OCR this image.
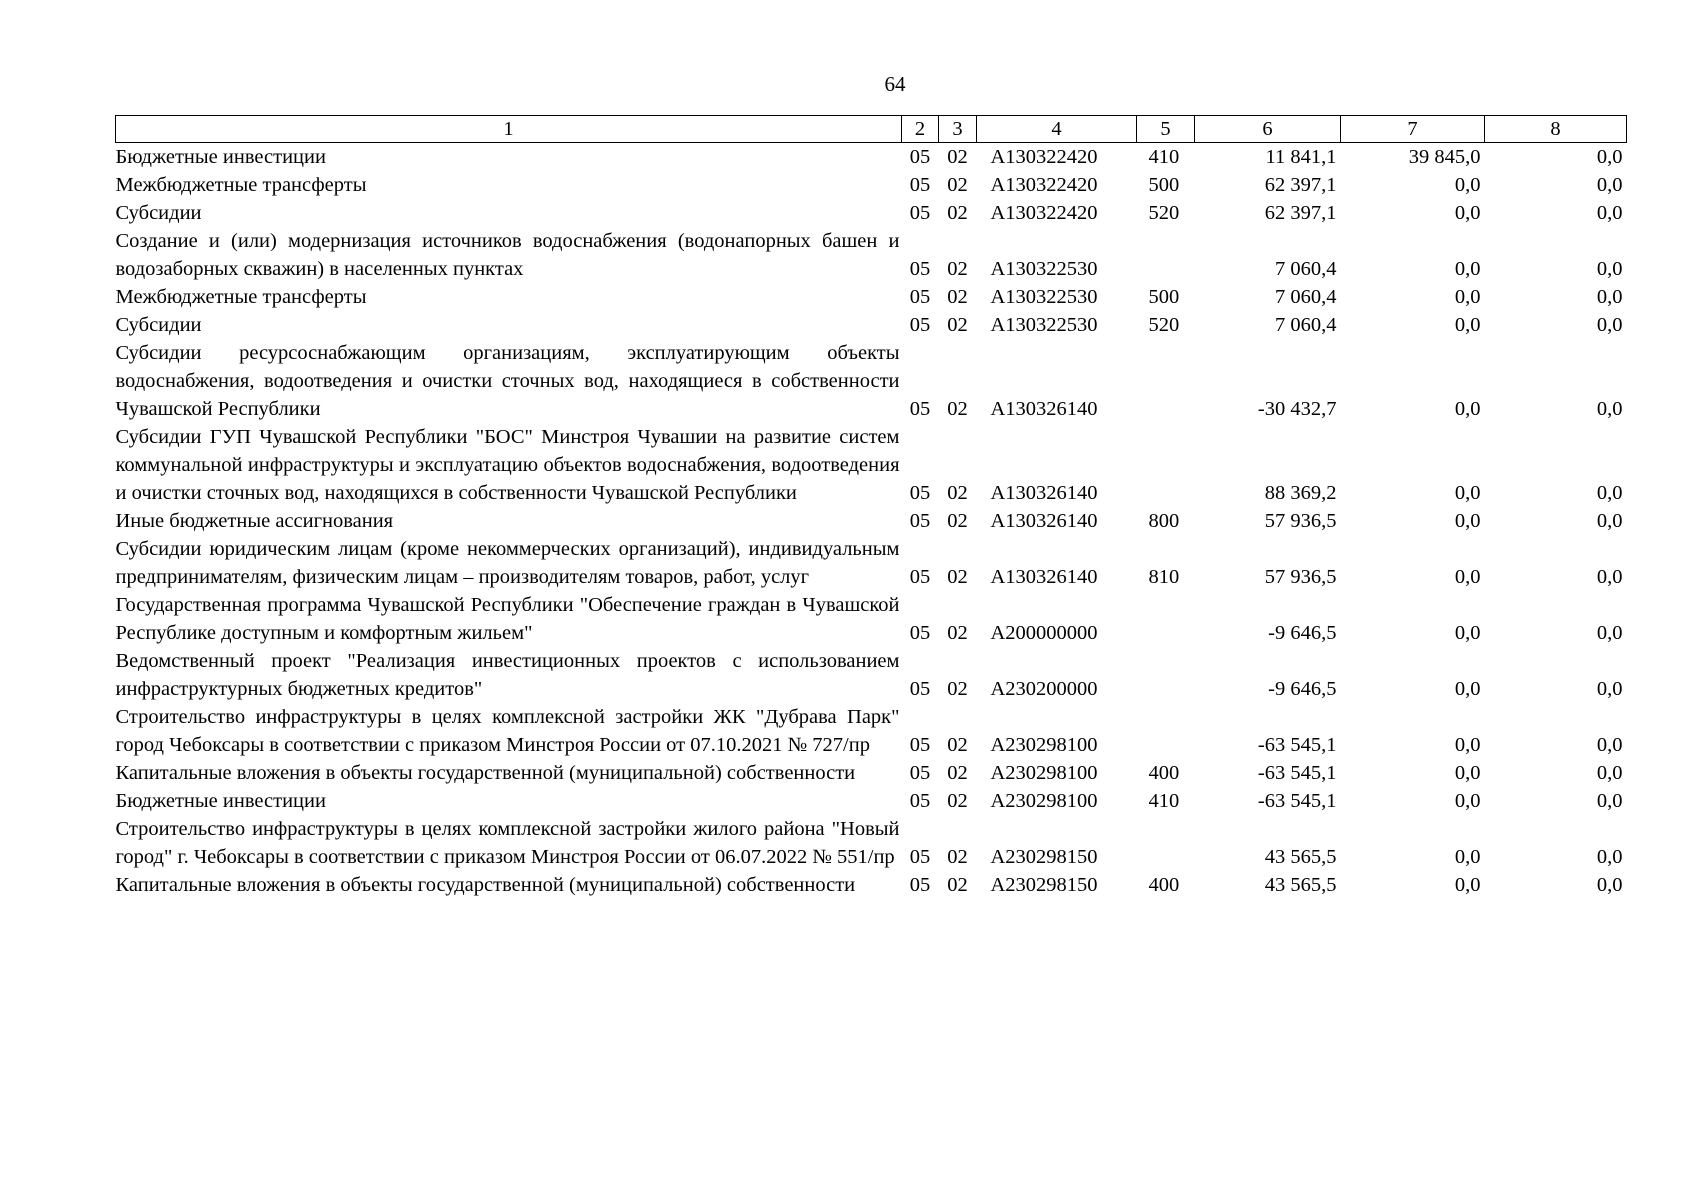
64
1	2	3	4	5	6	7	8
Бюджетные инвестиции	05	02	А130322420	410	11 841,1	39 845,0	0,0
Межбюджетные трансферты	05	02	А130322420	500	62 397,1	0,0	0,0
Субсидии	05	02	А130322420	520	62 397,1	0,0	0,0
Создание и (или) модернизация источников водоснабжения (водонапорных башен и водозаборных скважин) в населенных пунктах	05	02	А130322530		7 060,4	0,0	0,0
Межбюджетные трансферты	05	02	А130322530	500	7 060,4	0,0	0,0
Субсидии	05	02	А130322530	520	7 060,4	0,0	0,0
Субсидии ресурсоснабжающим организациям, эксплуатирующим объекты водоснабжения, водоотведения и очистки сточных вод, находящиеся в собственности Чувашской Республики	05	02	А130326140		-30 432,7	0,0	0,0
Субсидии ГУП Чувашской Республики "БОС" Минстроя Чувашии на развитие систем коммунальной инфраструктуры и эксплуатацию объектов водоснабжения, водоотведения и очистки сточных вод, находящихся в собственности Чувашской Республики	05	02	А130326140		88 369,2	0,0	0,0
Иные бюджетные ассигнования	05	02	А130326140	800	57 936,5	0,0	0,0
Субсидии юридическим лицам (кроме некоммерческих организаций), индивидуальным предпринимателям, физическим лицам – производителям товаров, работ, услуг	05	02	А130326140	810	57 936,5	0,0	0,0
Государственная программа Чувашской Республики "Обеспечение граждан в Чувашской Республике доступным и комфортным жильем"	05	02	А200000000		-9 646,5	0,0	0,0
Ведомственный проект "Реализация инвестиционных проектов с использованием инфраструктурных бюджетных кредитов"	05	02	А230200000		-9 646,5	0,0	0,0
Строительство инфраструктуры в целях комплексной застройки ЖК "Дубрава Парк" город Чебоксары в соответствии с приказом Минстроя России от 07.10.2021 № 727/пр	05	02	А230298100		-63 545,1	0,0	0,0
Капитальные вложения в объекты государственной (муниципальной) собственности	05	02	А230298100	400	-63 545,1	0,0	0,0
Бюджетные инвестиции	05	02	А230298100	410	-63 545,1	0,0	0,0
Строительство инфраструктуры в целях комплексной застройки жилого района "Новый город" г. Чебоксары в соответствии с приказом Минстроя России от 06.07.2022 № 551/пр	05	02	А230298150		43 565,5	0,0	0,0
Капитальные вложения в объекты государственной (муниципальной) собственности	05	02	А230298150	400	43 565,5	0,0	0,0
